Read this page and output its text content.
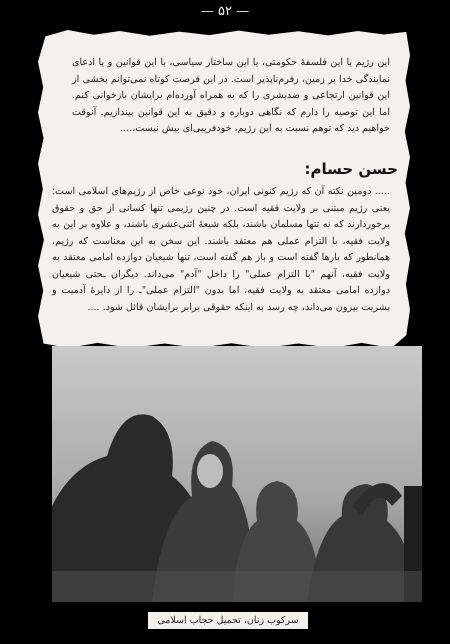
— ۵۲ —
این رژیم یا این فلسفهٔ حکومتی، یا این ساختار سیاسی، با این قوانین و یا ادعای نمایندگی خدا بر زمین، رفرم‌ناپذیر است. در این فرصت کوتاه نمی‌توانم بخشی از این قوانین ارتجاعی و ضدبشری را که به همراه آورده‌ام برایشان بازخوانی کنم. اما این توصیه را دارم که نگاهی دوباره و دقیق به این قوانین بیندازیم. آنوقت خواهیم دید که توهم نسبت به این رژیم، خودفریبی‌ای بیش نیست،....
حسن حسام:
..... دومین نکته آن که رژیم کنونی ایران، خود نوعی خاص از رژیم‌های اسلامی است؛ یعنی رژیم مبتنی بر ولایت فقیه است. در چنین رژیمی تنها کسانی از حق و حقوق برخوردارند که نه تنها مسلمان باشند، بلکه شیعهٔ اثنی‌عشری باشند، و علاوه بر این به ولایت فقیه، با التزام عملی هم معتقد باشند. این سخن به این معناست که رژیم، همانطور که بارها گفته است و باز هم گفته است، تنها شیعیان دوازده امامی معتقد به ولایت فقیه، آنهم "با التزام عملی" را داخل "آدم" می‌داند. دیگران ـحتی شیعیان دوازده امامی معتقد به ولایت فقیه، اما بدون "التزام عملی"ـ را از دایرهٔ آدمیت و بشریت بیرون می‌داند، چه رسد به اینکه حقوقی برابر برایشان قائل شود. ....
سرکوب زنان، تحمیل حجاب اسلامی
